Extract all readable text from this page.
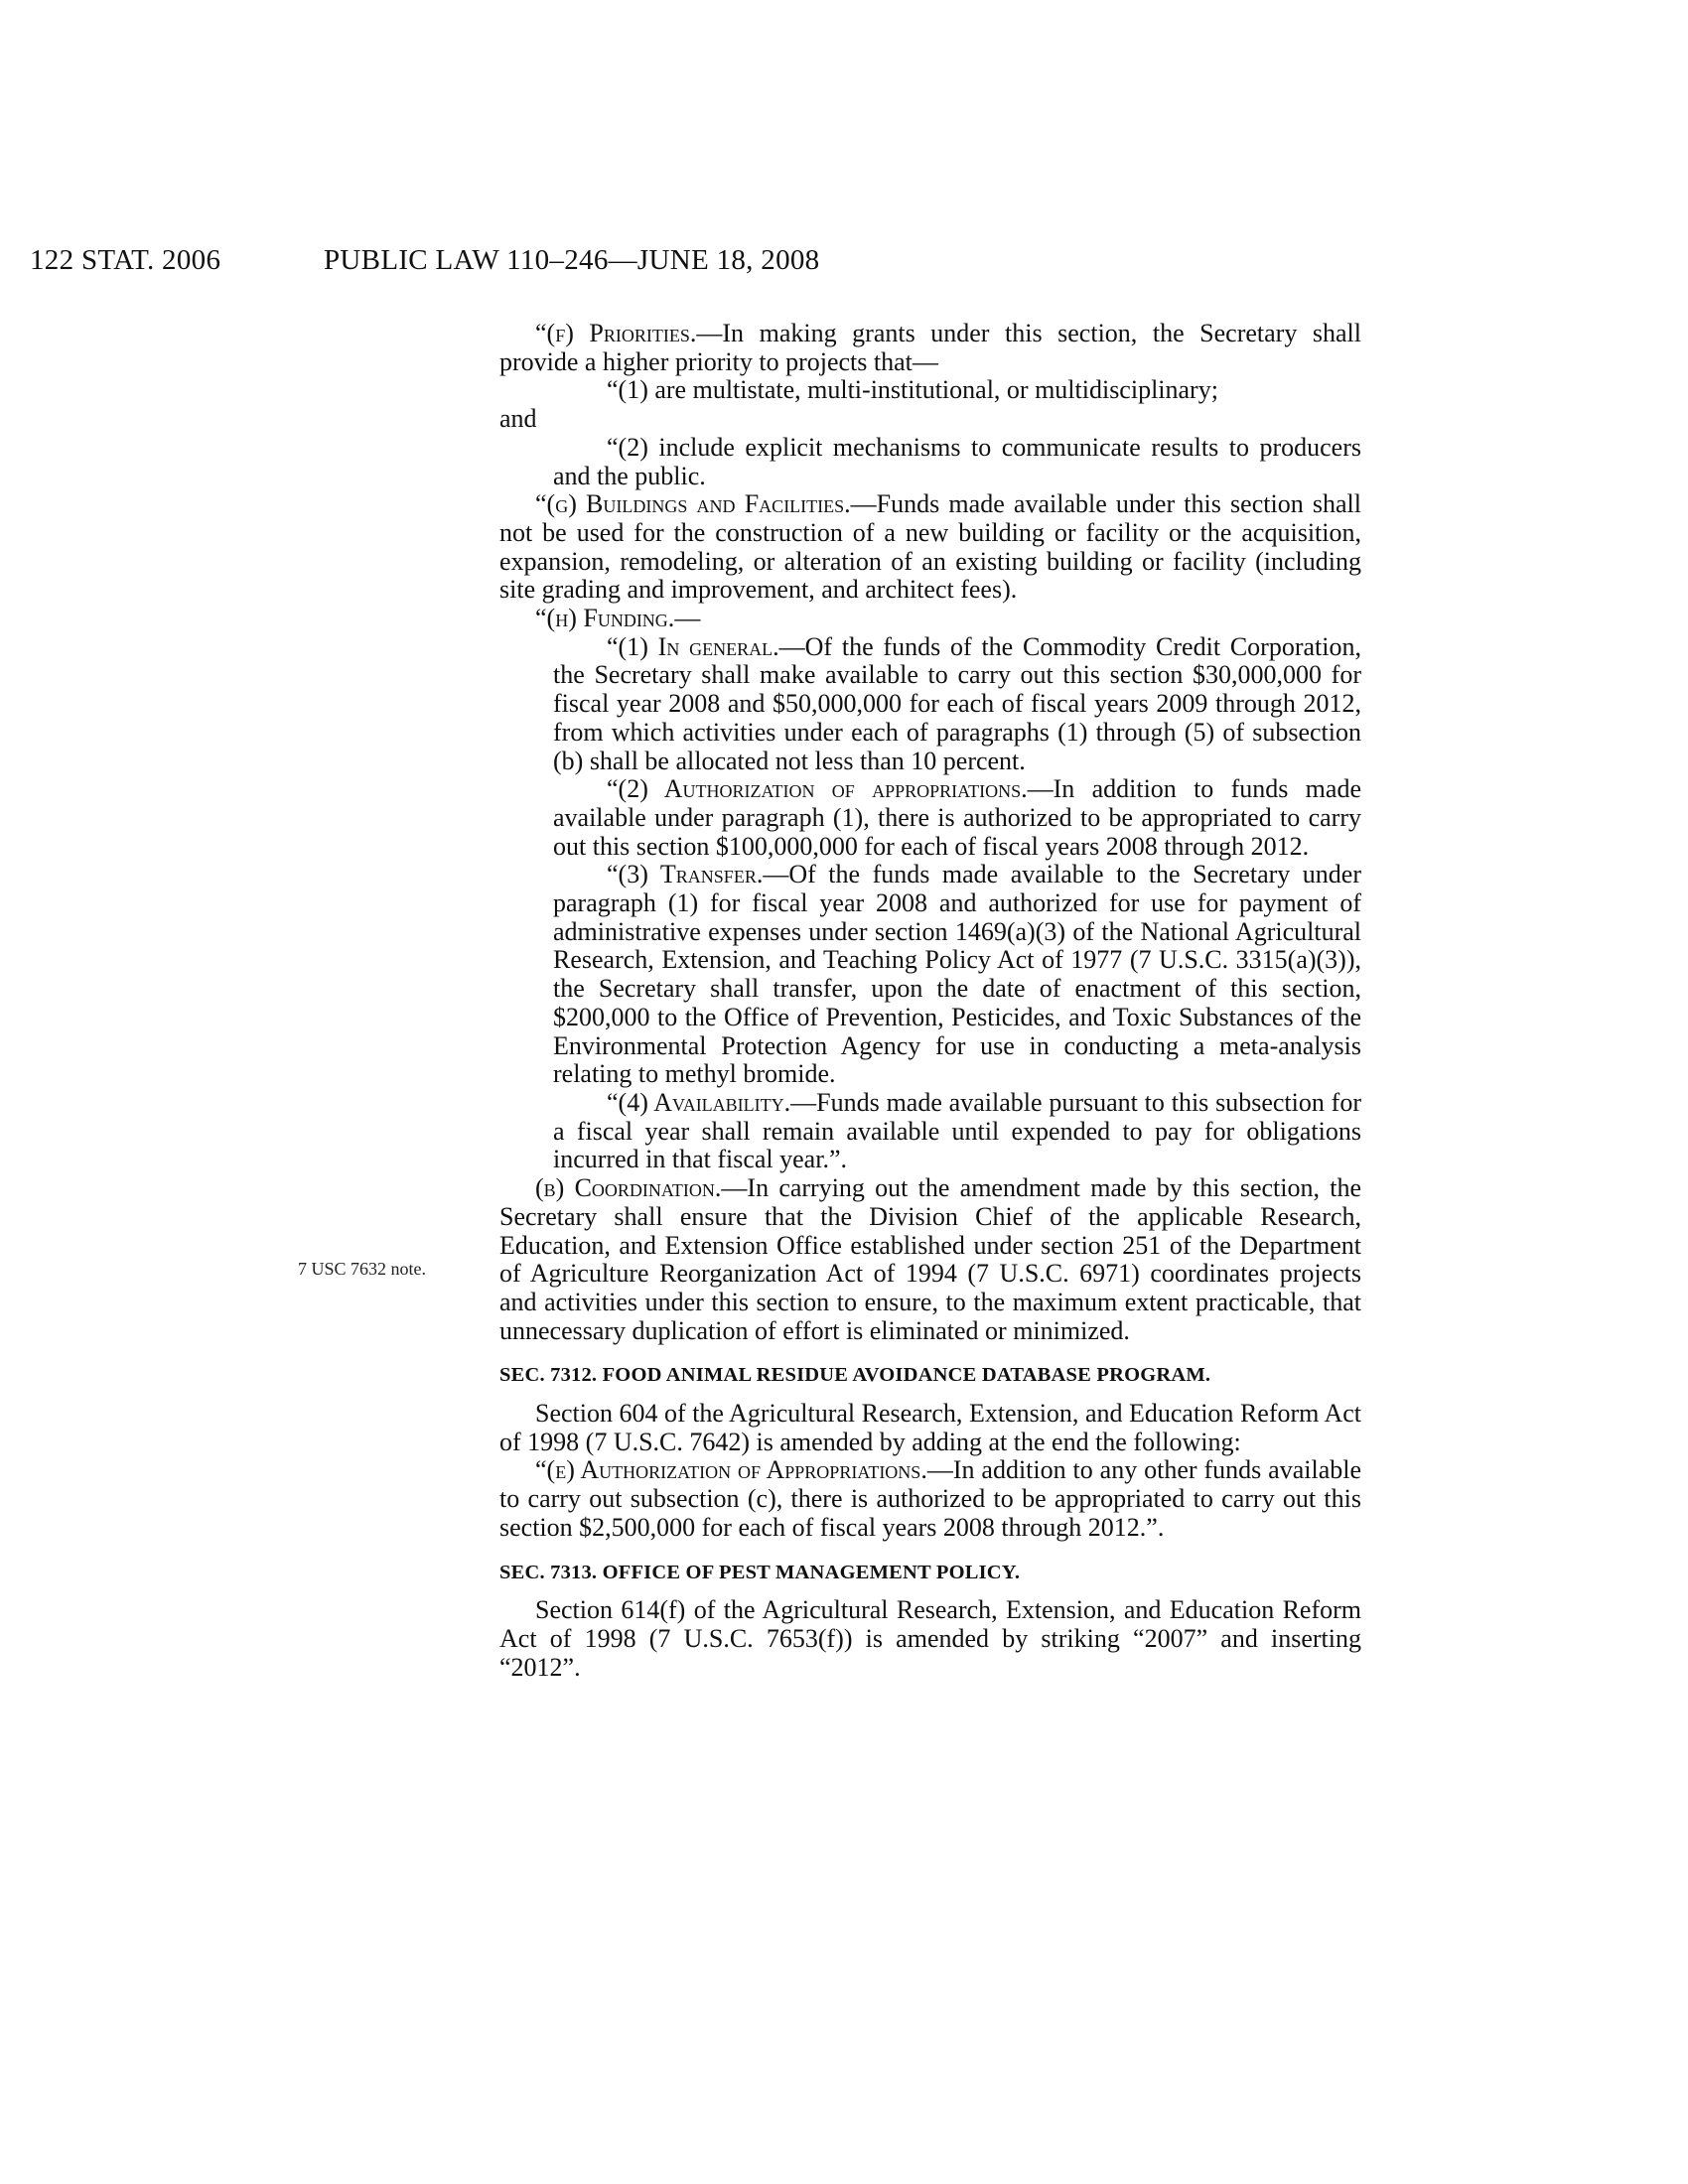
122 STAT. 2006	PUBLIC LAW 110–246—JUNE 18, 2008
7 USC 7632 note.

“(f) Priorities.—In making grants under this section, the Secretary shall provide a higher priority to projects that—

“(1) are multistate, multi-institutional, or multidisciplinary;

and

“(2) include explicit mechanisms to communicate results to producers and the public.

“(g) Buildings and Facilities.—Funds made available under this section shall not be used for the construction of a new building or facility or the acquisition, expansion, remodeling, or alteration of an existing building or facility (including site grading and improvement, and architect fees).

“(h) Funding.—

“(1) In general.—Of the funds of the Commodity Credit Corporation, the Secretary shall make available to carry out this section $30,000,000 for fiscal year 2008 and $50,000,000 for each of fiscal years 2009 through 2012, from which activities under each of paragraphs (1) through (5) of subsection (b) shall be allocated not less than 10 percent.

“(2) Authorization of appropriations.—In addition to funds made available under paragraph (1), there is authorized to be appropriated to carry out this section $100,000,000 for each of fiscal years 2008 through 2012.

“(3) Transfer.—Of the funds made available to the Secretary under paragraph (1) for fiscal year 2008 and authorized for use for payment of administrative expenses under section 1469(a)(3) of the National Agricultural Research, Extension, and Teaching Policy Act of 1977 (7 U.S.C. 3315(a)(3)), the Secretary shall transfer, upon the date of enactment of this section, $200,000 to the Office of Prevention, Pesticides, and Toxic Substances of the Environmental Protection Agency for use in conducting a meta-analysis relating to methyl bromide.

“(4) Availability.—Funds made available pursuant to this subsection for a fiscal year shall remain available until expended to pay for obligations incurred in that fiscal year.”.

(b) Coordination.—In carrying out the amendment made by this section, the Secretary shall ensure that the Division Chief of the applicable Research, Education, and Extension Office established under section 251 of the Department of Agriculture Reorganization Act of 1994 (7 U.S.C. 6971) coordinates projects and activities under this section to ensure, to the maximum extent practicable, that unnecessary duplication of effort is eliminated or minimized.

SEC. 7312. FOOD ANIMAL RESIDUE AVOIDANCE DATABASE PROGRAM.

Section 604 of the Agricultural Research, Extension, and Education Reform Act of 1998 (7 U.S.C. 7642) is amended by adding at the end the following:

“(e) Authorization of Appropriations.—In addition to any other funds available to carry out subsection (c), there is authorized to be appropriated to carry out this section $2,500,000 for each of fiscal years 2008 through 2012.”.

SEC. 7313. OFFICE OF PEST MANAGEMENT POLICY.

Section 614(f) of the Agricultural Research, Extension, and Education Reform Act of 1998 (7 U.S.C. 7653(f)) is amended by striking “2007” and inserting “2012”.
